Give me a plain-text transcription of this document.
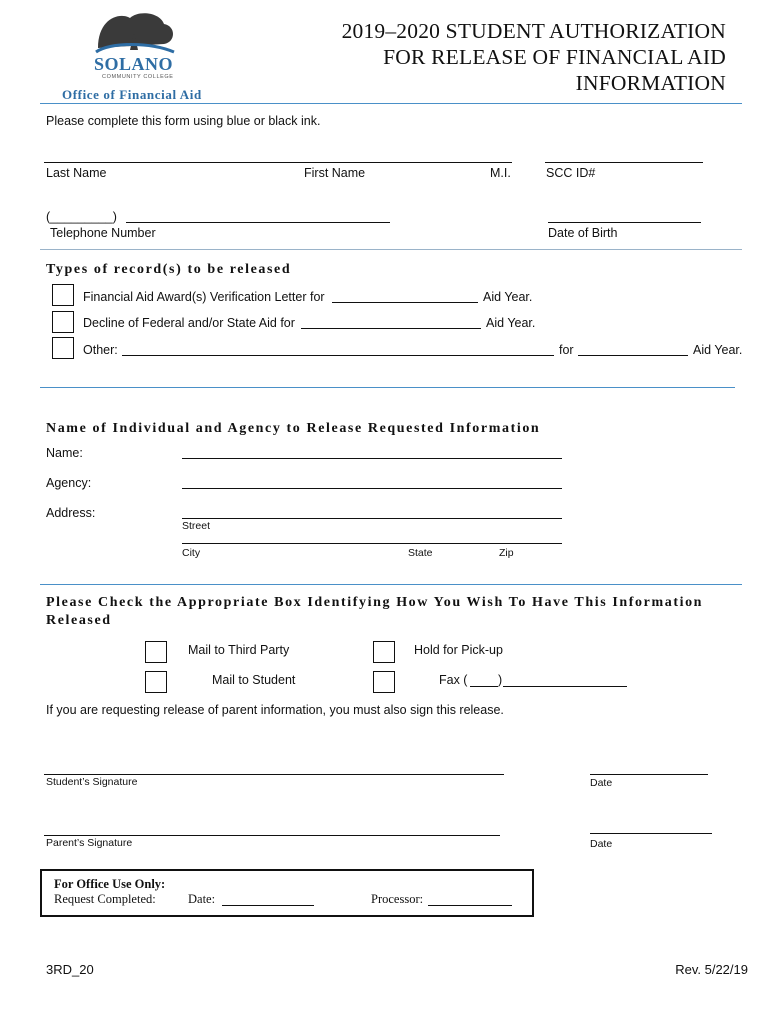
SOLANO
COMMUNITY COLLEGE
Office of Financial Aid
2019–2020 STUDENT AUTHORIZATION
FOR RELEASE OF FINANCIAL AID
INFORMATION
Please complete this form using blue or black ink.
Last Name	First Name	M.I.	SCC ID#
(_________)
Telephone Number	Date of Birth
Types of record(s) to be released
Financial Aid Award(s) Verification Letter for	Aid Year.
Decline of Federal and/or State Aid for	Aid Year.
Other:	for	Aid Year.
Name of Individual and Agency to Release Requested Information
Name:
Agency:
Address:
Street
City	State	Zip
Please Check the Appropriate Box Identifying How You Wish To Have This Information
Released
Mail to Third Party	Hold for Pick-up
Mail to Student	Fax ( )
If you are requesting release of parent information, you must also sign this release.
Student’s Signature	Date
Parent’s Signature	Date
For Office Use Only:
Request Completed:	Date:	Processor:
3RD_20	Rev. 5/22/19
